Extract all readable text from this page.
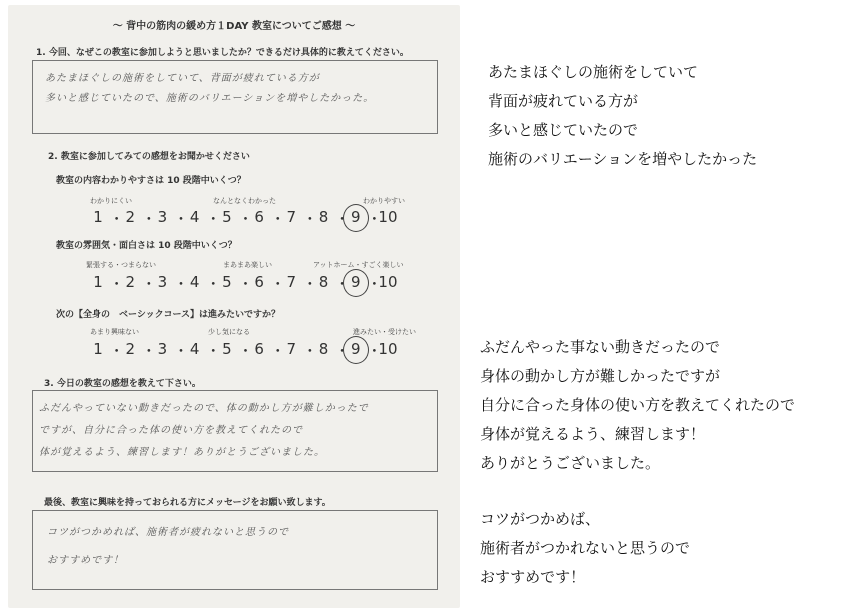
〜 背中の筋肉の緩め方１DAY 教室についてご感想 〜
1. 今回、なぜこの教室に参加しようと思いましたか？できるだけ具体的に教えてください。
あたまほぐしの施術をしていて、背面が疲れている方が
多いと感じていたので、施術のバリエーションを増やしたかった。
2. 教室に参加してみての感想をお聞かせください
教室の内容わかりやすさは 10 段階中いくつ？
わかりにくい	なんとなくわかった	わかりやすい
1 ・ 2 ・ 3 ・ 4 ・ 5 ・ 6 ・ 7 ・ 8 ・ 9 ・
10
教室の雰囲気・面白さは 10 段階中いくつ？
緊張する・つまらない	まあまあ楽しい	アットホーム・すごく楽しい
1 ・ 2 ・ 3 ・ 4 ・ 5 ・ 6 ・ 7 ・ 8 ・ 9 ・
10
次の【全身の　ベーシックコース】は進みたいですか？
あまり興味ない	少し気になる	進みたい・受けたい
1 ・ 2 ・ 3 ・ 4 ・ 5 ・ 6 ・ 7 ・ 8 ・ 9 ・
10
3. 今日の教室の感想を教えて下さい。
ふだんやっていない動きだったので、体の動かし方が難しかったで
ですが、自分に合った体の使い方を教えてくれたので
体が覚えるよう、練習します！ありがとうございました。
最後、教室に興味を持っておられる方にメッセージをお願い致します。
コツがつかめれば、施術者が疲れないと思うので
おすすめです！
あたまほぐしの施術をしていて
背面が疲れている方が
多いと感じていたので
施術のバリエーションを増やしたかった
ふだんやった事ない動きだったので
身体の動かし方が難しかったですが
自分に合った身体の使い方を教えてくれたので
身体が覚えるよう、練習します！
ありがとうございました。
コツがつかめば、
施術者がつかれないと思うので
おすすめです！
